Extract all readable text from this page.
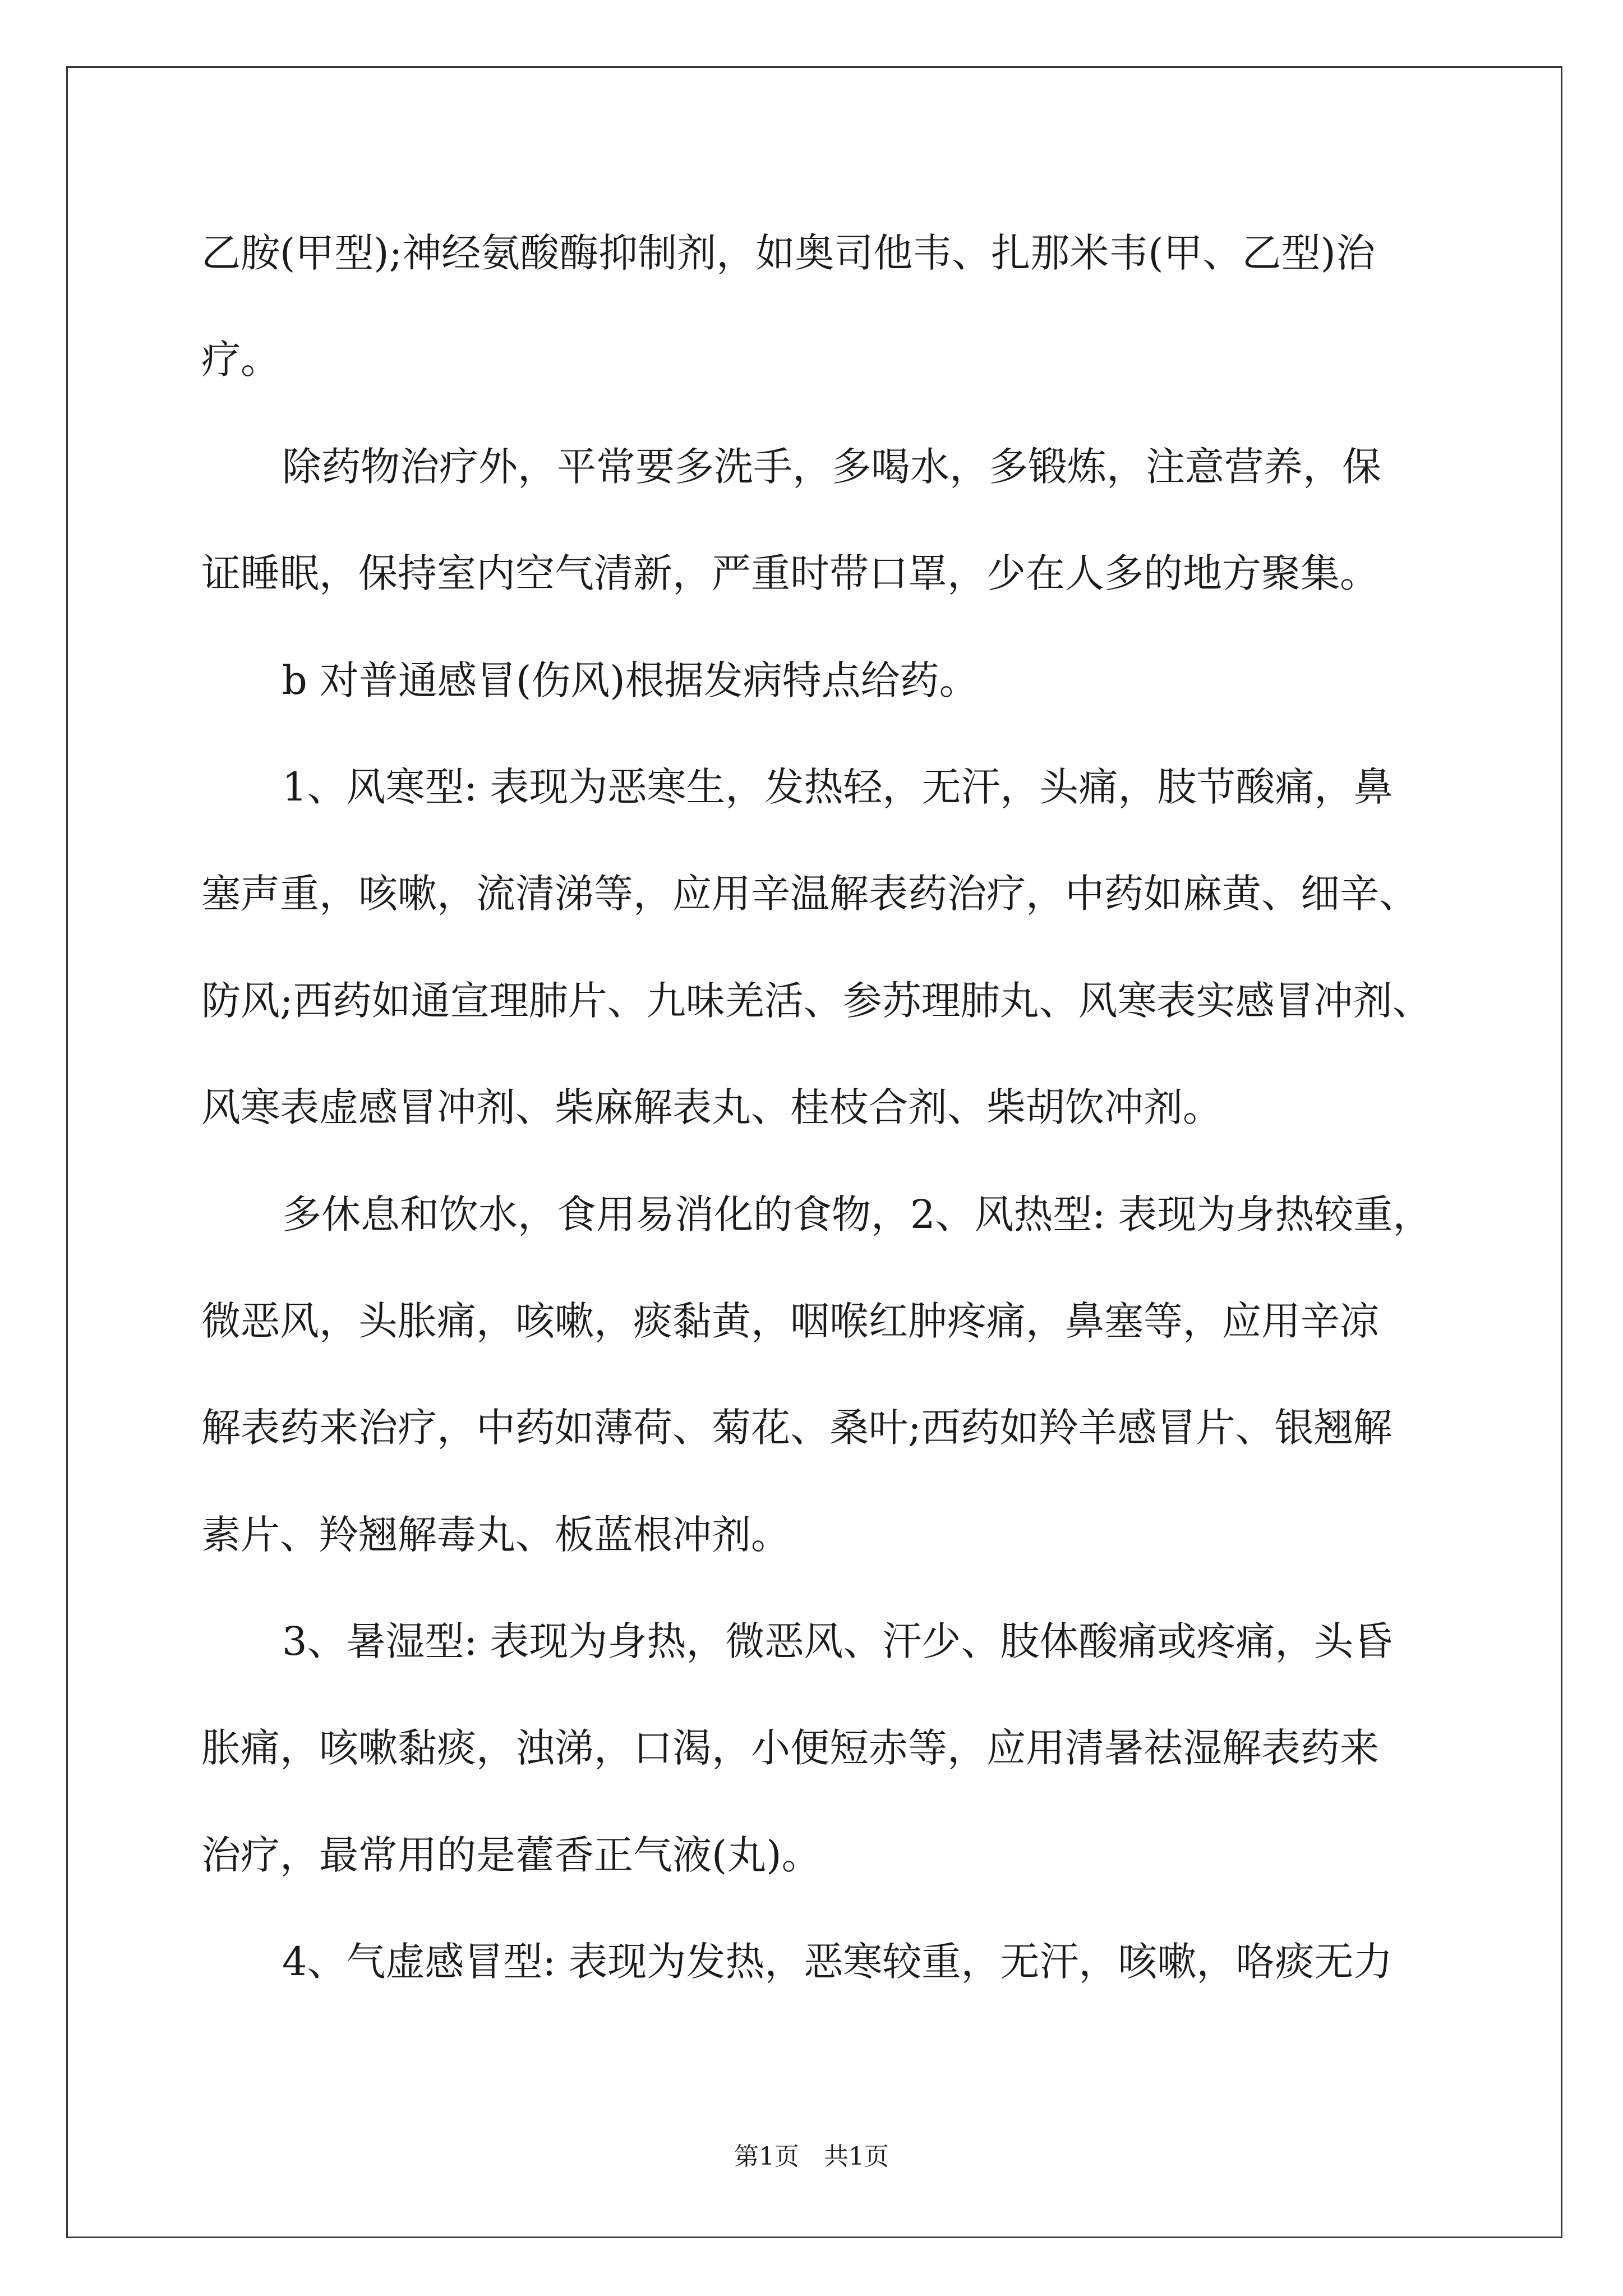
乙胺(甲型);神经氨酸酶抑制剂，如奥司他韦、扎那米韦(甲、乙型)治
疗。
除药物治疗外，平常要多洗手，多喝水，多锻炼，注意营养，保
证睡眠，保持室内空气清新，严重时带口罩，少在人多的地方聚集。
b 对普通感冒(伤风)根据发病特点给药。
1、风寒型: 表现为恶寒生，发热轻，无汗，头痛，肢节酸痛，鼻
塞声重，咳嗽，流清涕等，应用辛温解表药治疗，中药如麻黄、细辛、
防风;西药如通宣理肺片、九味羌活、参苏理肺丸、风寒表实感冒冲剂、
风寒表虚感冒冲剂、柴麻解表丸、桂枝合剂、柴胡饮冲剂。
多休息和饮水，食用易消化的食物，2、风热型: 表现为身热较重，
微恶风，头胀痛，咳嗽，痰黏黄，咽喉红肿疼痛，鼻塞等，应用辛凉
解表药来治疗，中药如薄荷、菊花、桑叶;西药如羚羊感冒片、银翘解
素片、羚翘解毒丸、板蓝根冲剂。
3、暑湿型: 表现为身热，微恶风、汗少、肢体酸痛或疼痛，头昏
胀痛，咳嗽黏痰，浊涕，口渴，小便短赤等，应用清暑祛湿解表药来
治疗，最常用的是藿香正气液(丸)。
4、气虚感冒型: 表现为发热，恶寒较重，无汗，咳嗽，咯痰无力
第1页　共1页
